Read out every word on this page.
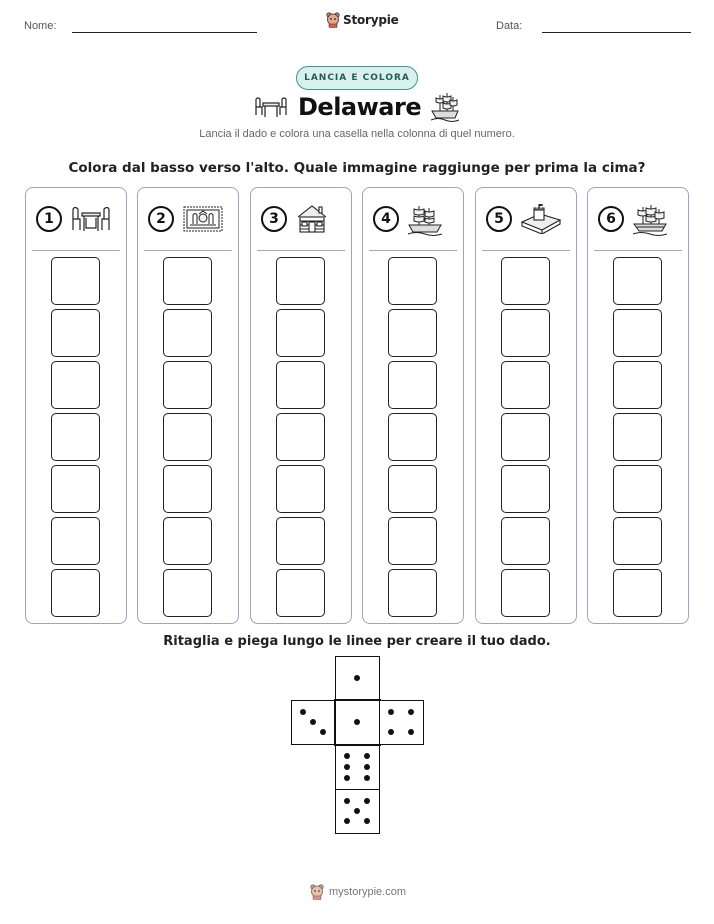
Nome:	Storypie	Data:
LANCIA E COLORA
Delaware
Lancia il dado e colora una casella nella colonna di quel numero.
Colora dal basso verso l'alto. Quale immagine raggiunge per prima la cima?
1	2	3	4	5	6
Ritaglia e piega lungo le linee per creare il tuo dado.
mystorypie.com
